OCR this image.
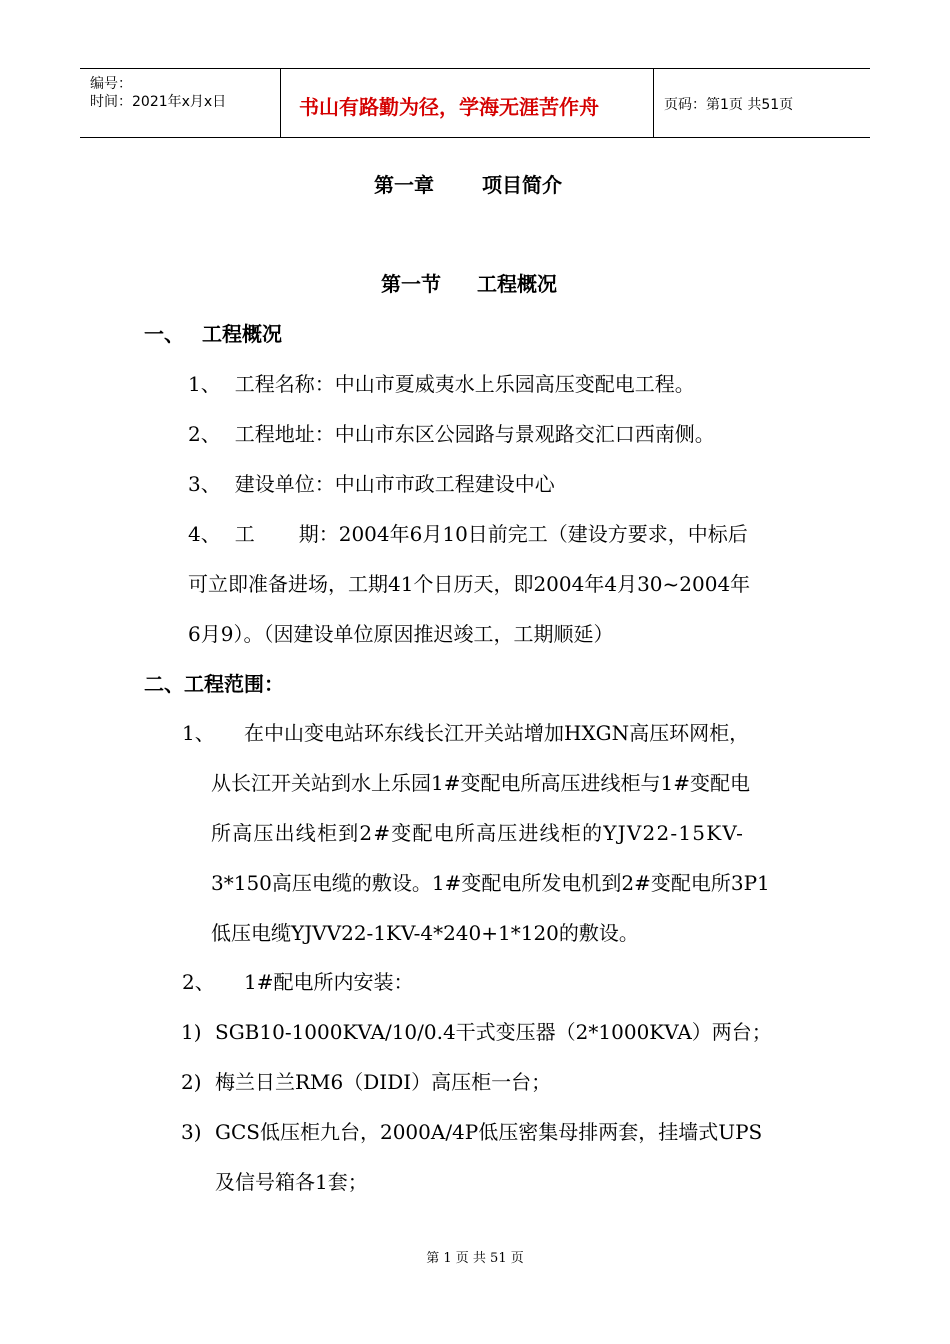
编号：
时间：2021年x月x日	书山有路勤为径，学海无涯苦作舟	页码：第1页 共51页
第一章 项目简介
第一节 工程概况
一、 工程概况
1、 工程名称：中山市夏威夷水上乐园高压变配电工程。
2、 工程地址：中山市东区公园路与景观路交汇口西南侧。
3、 建设单位：中山市市政工程建设中心
4、 工 期：2004年6月10日前完工（建设方要求，中标后
可立即准备进场，工期41个日历天，即2004年4月30~2004年
6月9）。（因建设单位原因推迟竣工，工期顺延）
二、工程范围：
1、 在中山变电站环东线长江开关站增加HXGN高压环网柜，
从长江开关站到水上乐园1#变配电所高压进线柜与1#变配电
所高压出线柜到2#变配电所高压进线柜的YJV22-15KV-
3*150高压电缆的敷设。1#变配电所发电机到2#变配电所3P1
低压电缆YJVV22-1KV-4*240+1*120的敷设。
2、 1#配电所内安装：
1) SGB10-1000KVA/10/0.4干式变压器（2*1000KVA）两台；
2) 梅兰日兰RM6（DIDI）高压柜一台；
3) GCS低压柜九台，2000A/4P低压密集母排两套，挂墙式UPS
及信号箱各1套；
第 1 页 共 51 页
